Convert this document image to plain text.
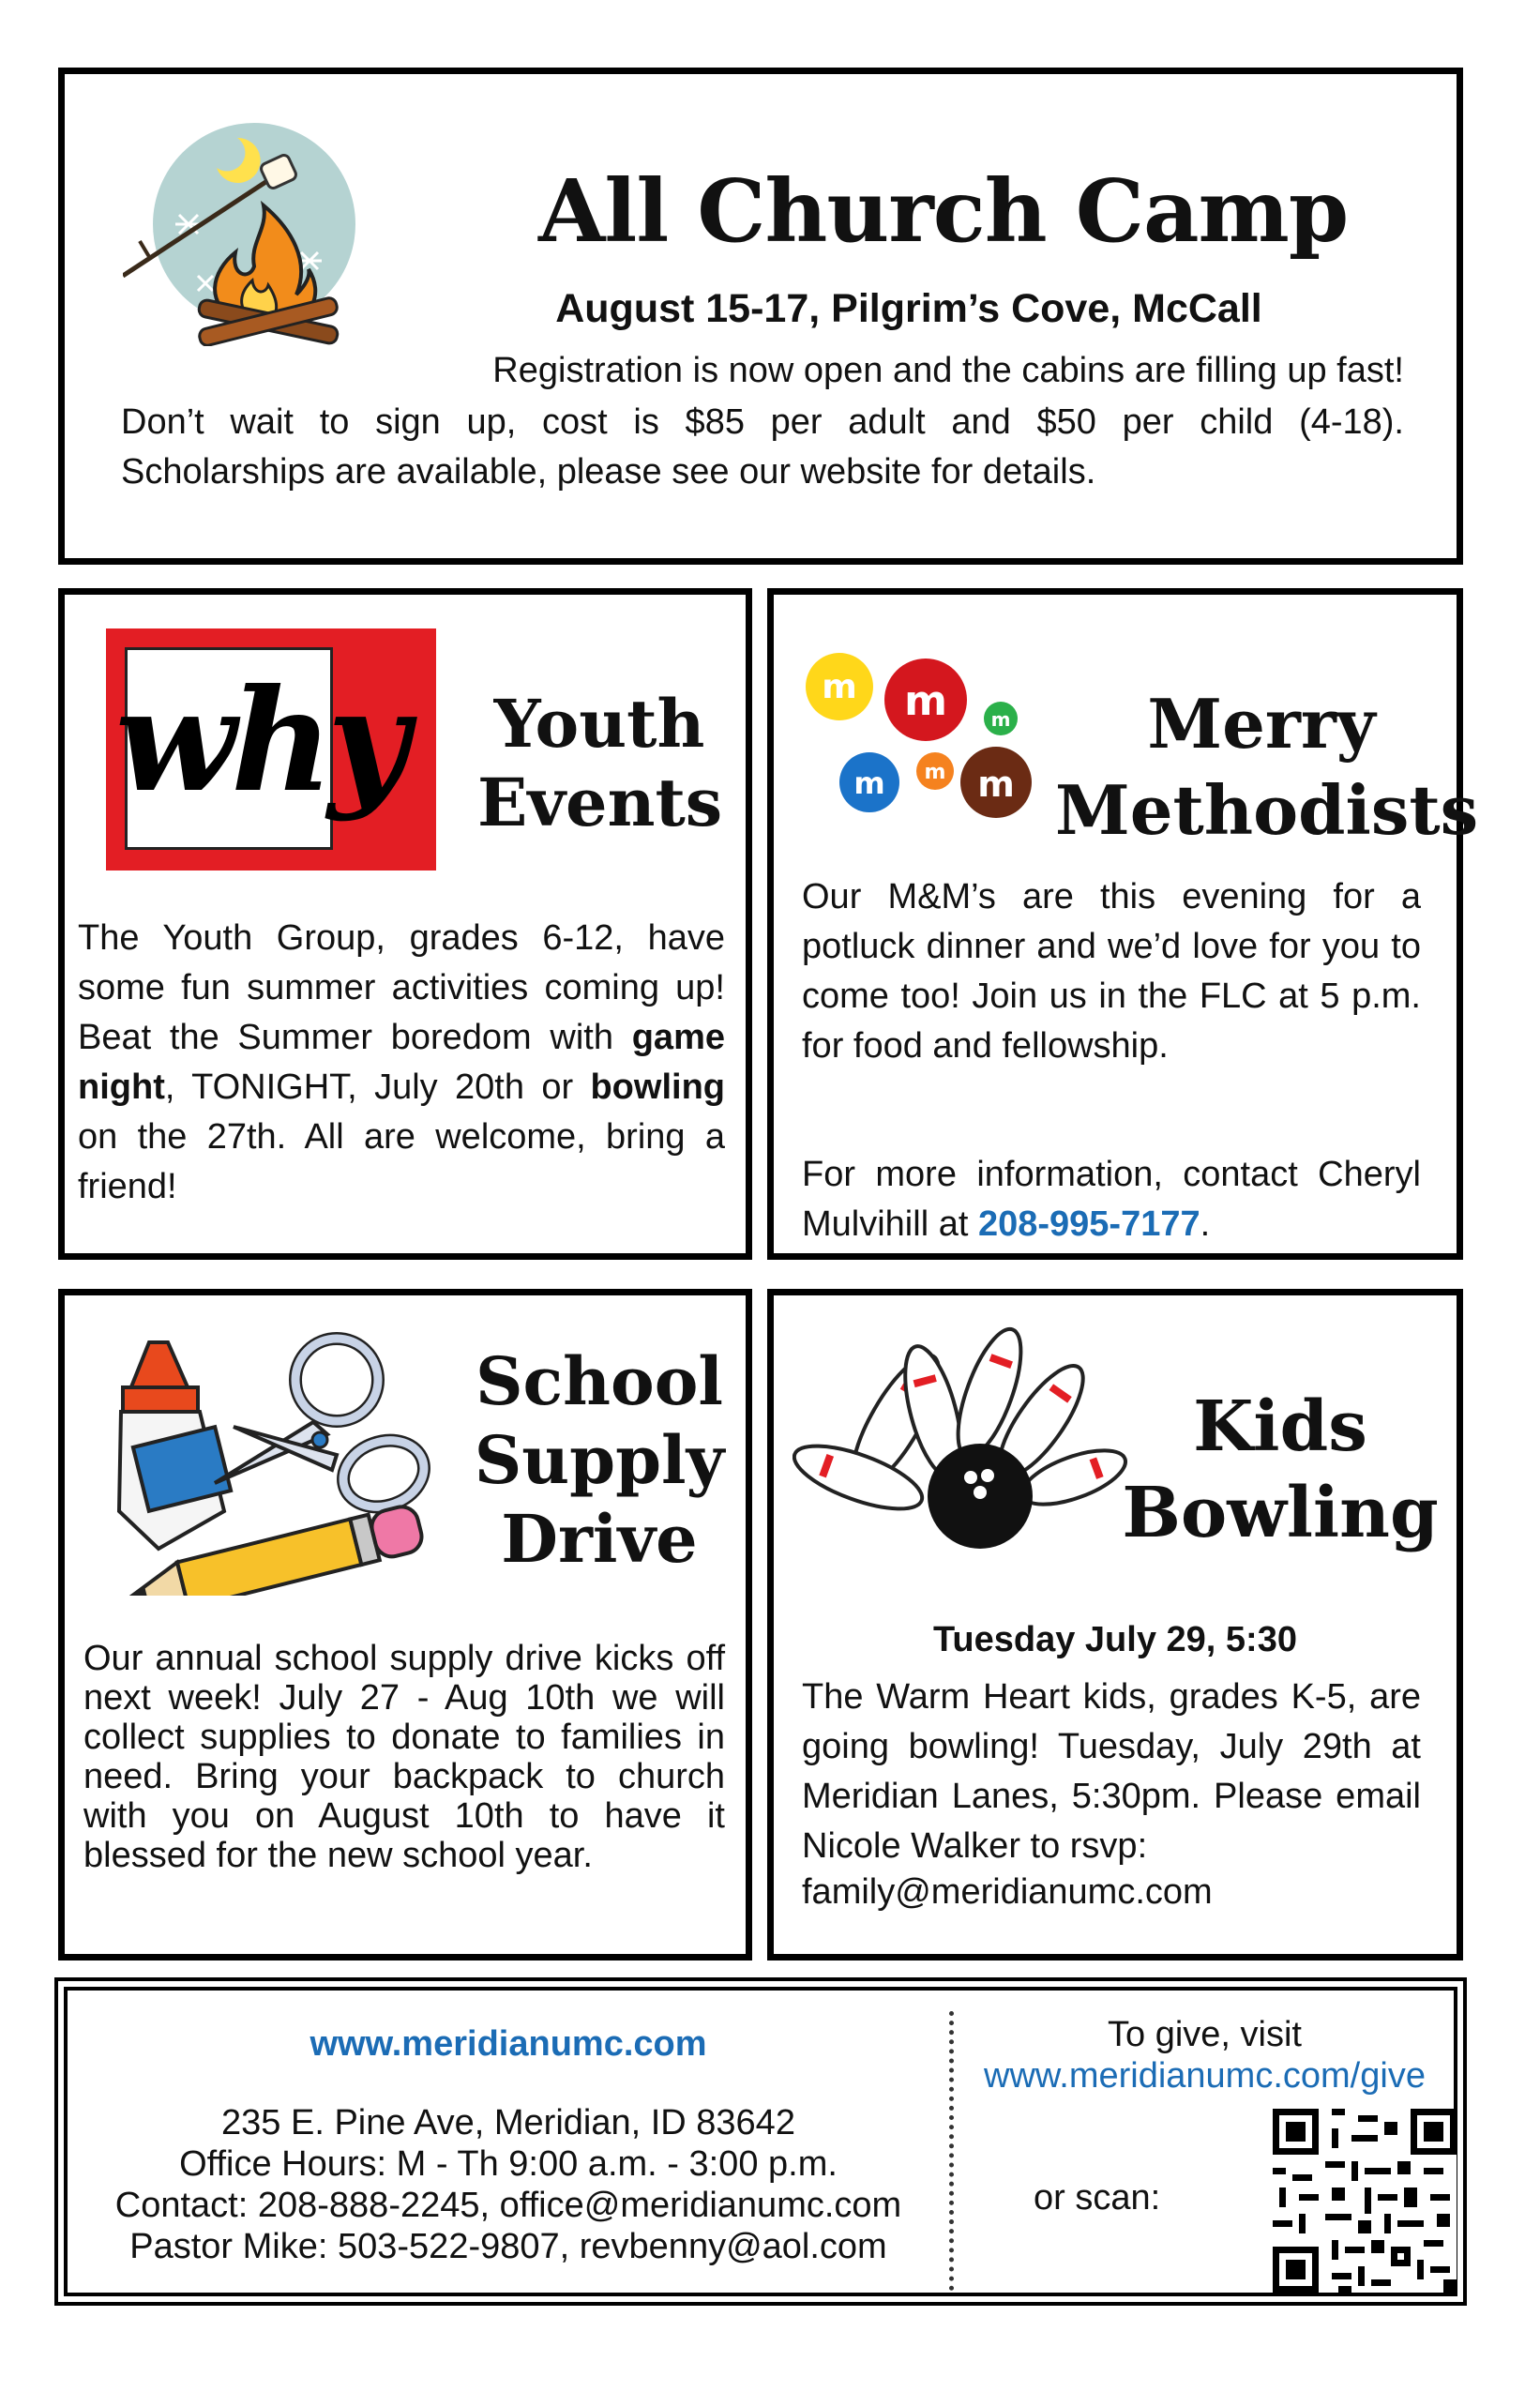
All Church Camp
August 15-17, Pilgrim’s Cove, McCall
Registration is now open and the cabins are filling up fast!
Don’t wait to sign up, cost is $85 per adult and $50 per child (4-18).
Scholarships are available, please see our website for details.
why Youth
Events

The Youth Group, grades 6-12, have some fun summer activities coming up! Beat the Summer boredom with game night, TONIGHT, July 20th or bowling on the 27th. All are welcome, bring a friend!

m m m
m m m
Merry
Methodists

Our M&M’s are this evening for a potluck dinner and we’d love for you to come too! Join us in the FLC at 5 p.m. for food and fellowship.

For more information, contact Cheryl Mulvihill at 208-995-7177.

School
Supply
Drive

Our annual school supply drive kicks off next week! July 27 - Aug 10th we will collect supplies to donate to families in need. Bring your backpack to church with you on August 10th to have it blessed for the new school year.

Kids
Bowling
Tuesday July 29, 5:30

The Warm Heart kids, grades K-5, are going bowling! Tuesday, July 29th at Meridian Lanes, 5:30pm. Please email Nicole Walker to rsvp:

family@meridianumc.com
www.meridianumc.com
235 E. Pine Ave, Meridian, ID 83642
Office Hours: M - Th 9:00 a.m. - 3:00 p.m.
Contact: 208-888-2245, office@meridianumc.com
Pastor Mike: 503-522-9807, revbenny@aol.com
To give, visit
www.meridianumc.com/give
or scan:
